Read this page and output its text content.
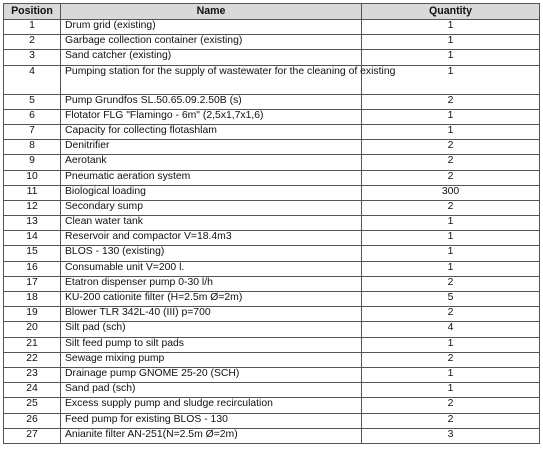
Position	Name	Quantity
1	Drum grid (existing)	1
2	Garbage collection container (existing)	1
3	Sand catcher (existing)	1
4	Pumping station for the supply of wastewater for the cleaning of existing	1
5	Pump Grundfos SL.50.65.09.2.50B (s)	2
6	Flotator FLG "Flamingo - 6m" (2,5x1,7x1,6)	1
7	Capacity for collecting flotashlam	1
8	Denitrifier	2
9	Aerotank	2
10	Pneumatic aeration system	2
11	Biological loading	300
12	Secondary sump	2
13	Clean water tank	1
14	Reservoir and compactor V=18.4m3	1
15	BLOS - 130 (existing)	1
16	Consumable unit V=200 l.	1
17	Etatron dispenser pump 0-30 l/h	2
18	KU-200 cationite filter (H=2.5m Ø=2m)	5
19	Blower TLR 342L-40 (III) p=700	2
20	Silt pad (sch)	4
21	Silt feed pump to silt pads	1
22	Sewage mixing pump	2
23	Drainage pump GNOME 25-20 (SCH)	1
24	Sand pad (sch)	1
25	Excess supply pump and sludge recirculation	2
26	Feed pump for existing BLOS - 130	2
27	Anianite filter AN-251(N=2.5m Ø=2m)	3
